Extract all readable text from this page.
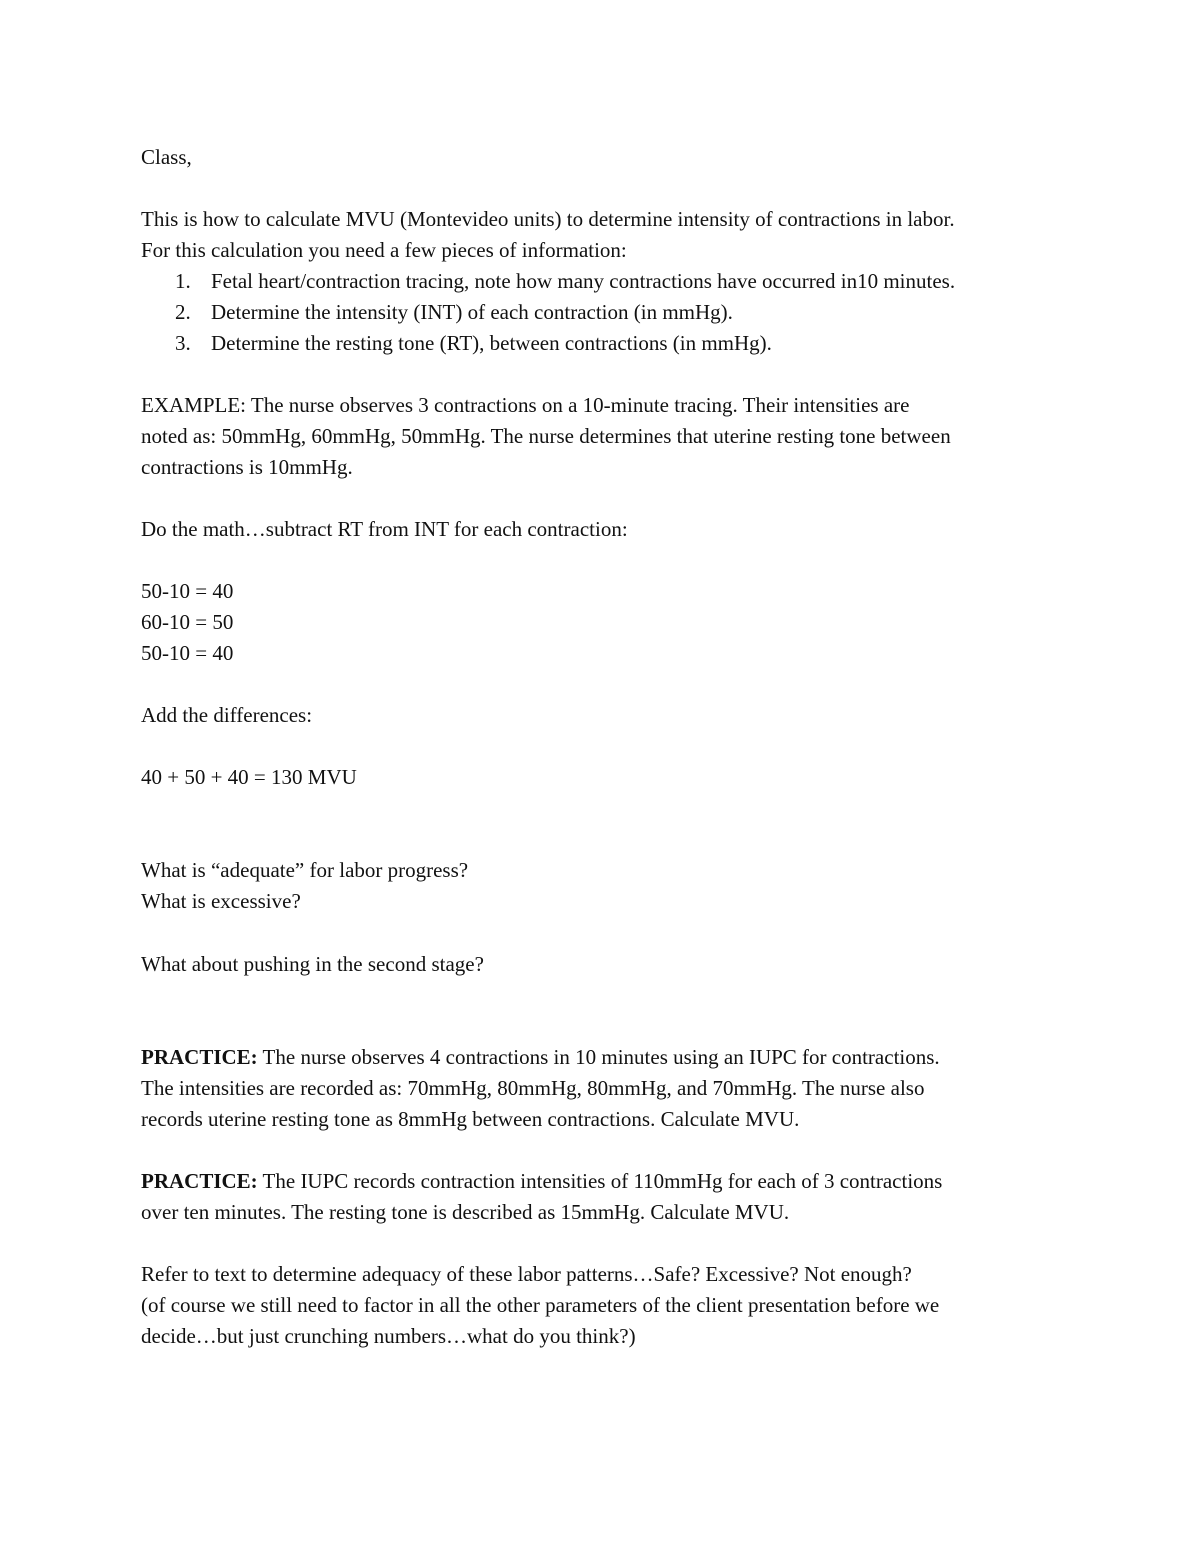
Class,
This is how to calculate MVU (Montevideo units) to determine intensity of contractions in labor.
For this calculation you need a few pieces of information:
1. Fetal heart/contraction tracing, note how many contractions have occurred in10 minutes.
2. Determine the intensity (INT) of each contraction (in mmHg).
3. Determine the resting tone (RT), between contractions (in mmHg).
EXAMPLE: The nurse observes 3 contractions on a 10-minute tracing. Their intensities are
noted as: 50mmHg, 60mmHg, 50mmHg. The nurse determines that uterine resting tone between
contractions is 10mmHg.
Do the math…subtract RT from INT for each contraction:
50-10 = 40
60-10 = 50
50-10 = 40
Add the differences:
40 + 50 + 40 = 130 MVU
What is “adequate” for labor progress?
What is excessive?
What about pushing in the second stage?
PRACTICE: The nurse observes 4 contractions in 10 minutes using an IUPC for contractions.
The intensities are recorded as: 70mmHg, 80mmHg, 80mmHg, and 70mmHg. The nurse also
records uterine resting tone as 8mmHg between contractions. Calculate MVU.
PRACTICE: The IUPC records contraction intensities of 110mmHg for each of 3 contractions
over ten minutes. The resting tone is described as 15mmHg. Calculate MVU.
Refer to text to determine adequacy of these labor patterns…Safe? Excessive? Not enough?
(of course we still need to factor in all the other parameters of the client presentation before we
decide…but just crunching numbers…what do you think?)
